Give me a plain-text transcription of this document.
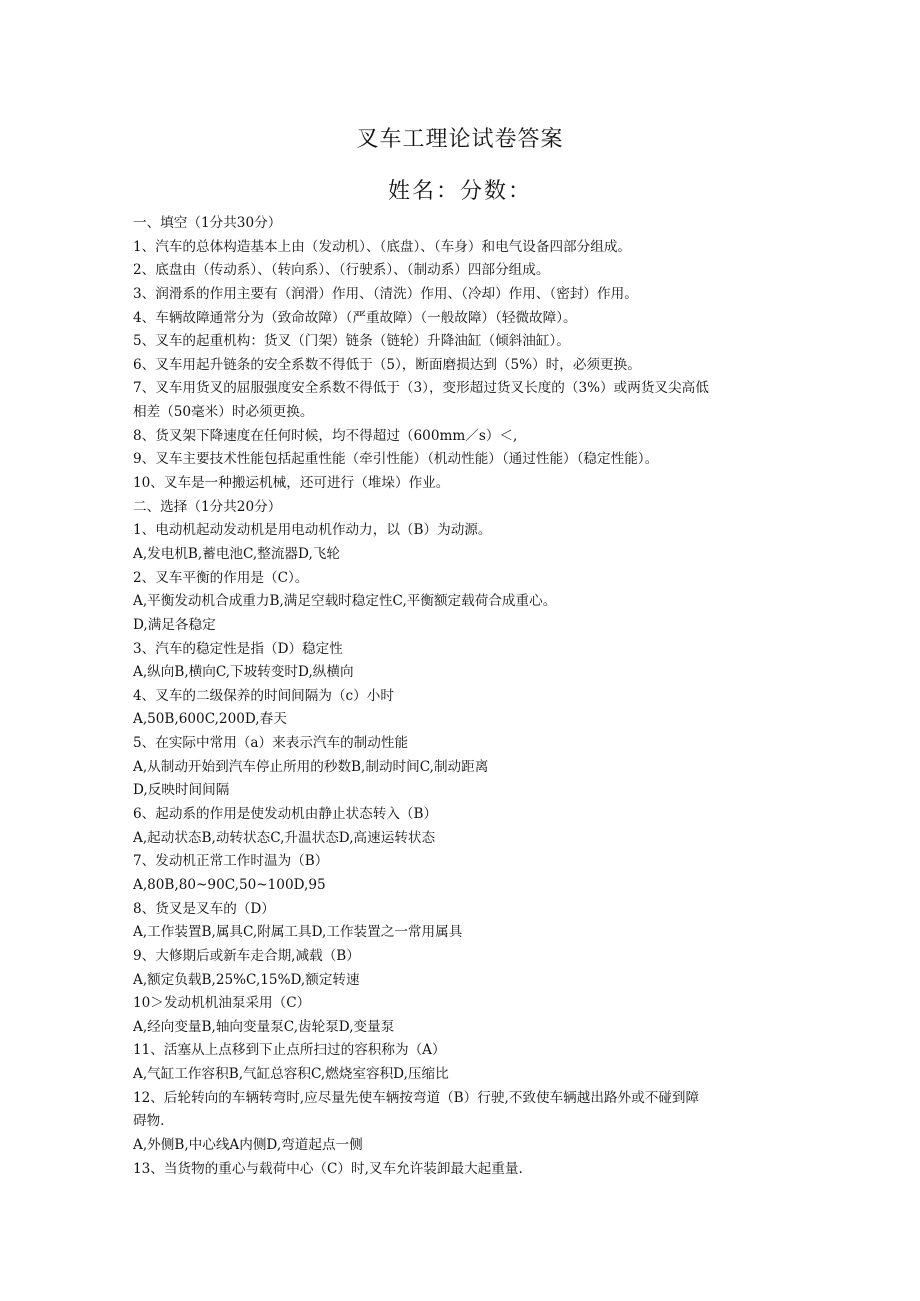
叉车工理论试卷答案
姓名：分数：
一、填空（1分共30分）
1、汽车的总体构造基本上由（发动机）、（底盘）、（车身）和电气设备四部分组成。
2、底盘由（传动系）、（转向系）、（行驶系）、（制动系）四部分组成。
3、润滑系的作用主要有（润滑）作用、（清洗）作用、（冷却）作用、（密封）作用。
4、车辆故障通常分为（致命故障）（严重故障）（一般故障）（轻微故障）。
5、叉车的起重机构：货叉（门架）链条（链轮）升降油缸（倾斜油缸）。
6、叉车用起升链条的安全系数不得低于（5），断面磨损达到（5%）时，必须更换。
7、叉车用货叉的屈服强度安全系数不得低于（3），变形超过货叉长度的（3%）或两货叉尖高低
相差（50毫米）时必须更换。
8、货叉架下降速度在任何时候，均不得超过（600mm／s）＜,
9、叉车主要技术性能包括起重性能（牵引性能）（机动性能）（通过性能）（稳定性能）。
10、叉车是一种搬运机械，还可进行（堆垛）作业。
二、选择（1分共20分）
1、电动机起动发动机是用电动机作动力，以（B）为动源。
A,发电机B,蓄电池C,整流器D,飞轮
2、叉车平衡的作用是（C）。
A,平衡发动机合成重力B,满足空载时稳定性C,平衡额定载荷合成重心。
D,满足各稳定
3、汽车的稳定性是指（D）稳定性
A,纵向B,横向C,下坡转变时D,纵横向
4、叉车的二级保养的时间间隔为（c）小时
A,50B,600C,200D,春天
5、在实际中常用（a）来表示汽车的制动性能
A,从制动开始到汽车停止所用的秒数B,制动时间C,制动距离
D,反映时间间隔
6、起动系的作用是使发动机由静止状态转入（B）
A,起动状态B,动转状态C,升温状态D,高速运转状态
7、发动机正常工作时温为（B）
A,80B,80~90C,50~100D,95
8、货叉是叉车的（D）
A,工作装置B,属具C,附属工具D,工作装置之一常用属具
9、大修期后或新车走合期,减载（B）
A,额定负载B,25%C,15%D,额定转速
10＞发动机机油泵采用（C）
A,经向变量B,轴向变量泵C,齿轮泵D,变量泵
11、活塞从上点移到下止点所扫过的容积称为（A）
A,气缸工作容积B,气缸总容积C,燃烧室容积D,压缩比
12、后轮转向的车辆转弯时,应尽量先使车辆按弯道（B）行驶,不致使车辆越出路外或不碰到障
碍物.
A,外侧B,中心线A内侧D,弯道起点一侧
13、当货物的重心与载荷中心（C）时,叉车允许装卸最大起重量.
